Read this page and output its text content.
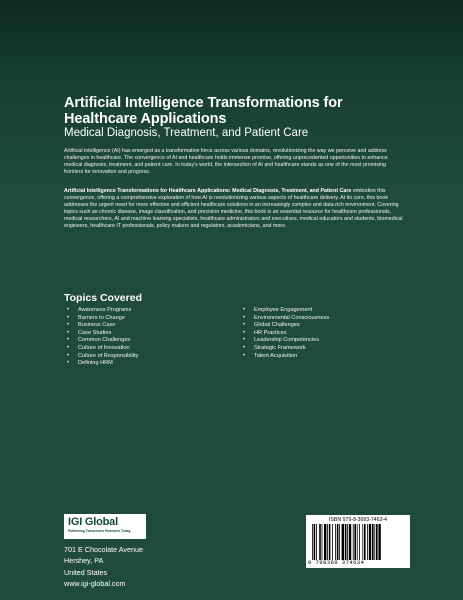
Artificial Intelligence Transformations for Healthcare Applications
Medical Diagnosis, Treatment, and Patient Care

Artificial intelligence (AI) has emerged as a transformative force across various domains, revolutionizing the way we perceive and address challenges in healthcare. The convergence of AI and healthcare holds immense promise, offering unprecedented opportunities to enhance medical diagnosis, treatment, and patient care. In today's world, the intersection of AI and healthcare stands as one of the most promising frontiers for innovation and progress.

Artificial Intelligence Transformations for Healthcare Applications: Medical Diagnosis, Treatment, and Patient Care embodies this convergence, offering a comprehensive exploration of how AI is revolutionizing various aspects of healthcare delivery. At its core, this book addresses the urgent need for more effective and efficient healthcare solutions in an increasingly complex and data-rich environment. Covering topics such as chronic disease, image classification, and precision medicine, this book is an essential resource for healthcare professionals, medical researchers, AI and machine learning specialists, healthcare administrators and executives, medical educators and students, biomedical engineers, healthcare IT professionals, policy makers and regulators, academicians, and more.

Topics Covered
• Awareness Programs
• Barriers to Change
• Business Case
• Case Studies
• Common Challenges
• Culture of Innovation
• Culture of Responsibility
• Defining HRM
• Employee Engagement
• Environmental Consciousness
• Global Challenges
• HR Practices
• Leadership Competencies
• Strategic Framework
• Talent Acquisition
IGI Global
Publishing Tomorrow's Research Today
701 E Chocolate Avenue
Hershey, PA
United States
www.igi-global.com
ISBN 979-8-3693-7463-4
9 798369 374634
